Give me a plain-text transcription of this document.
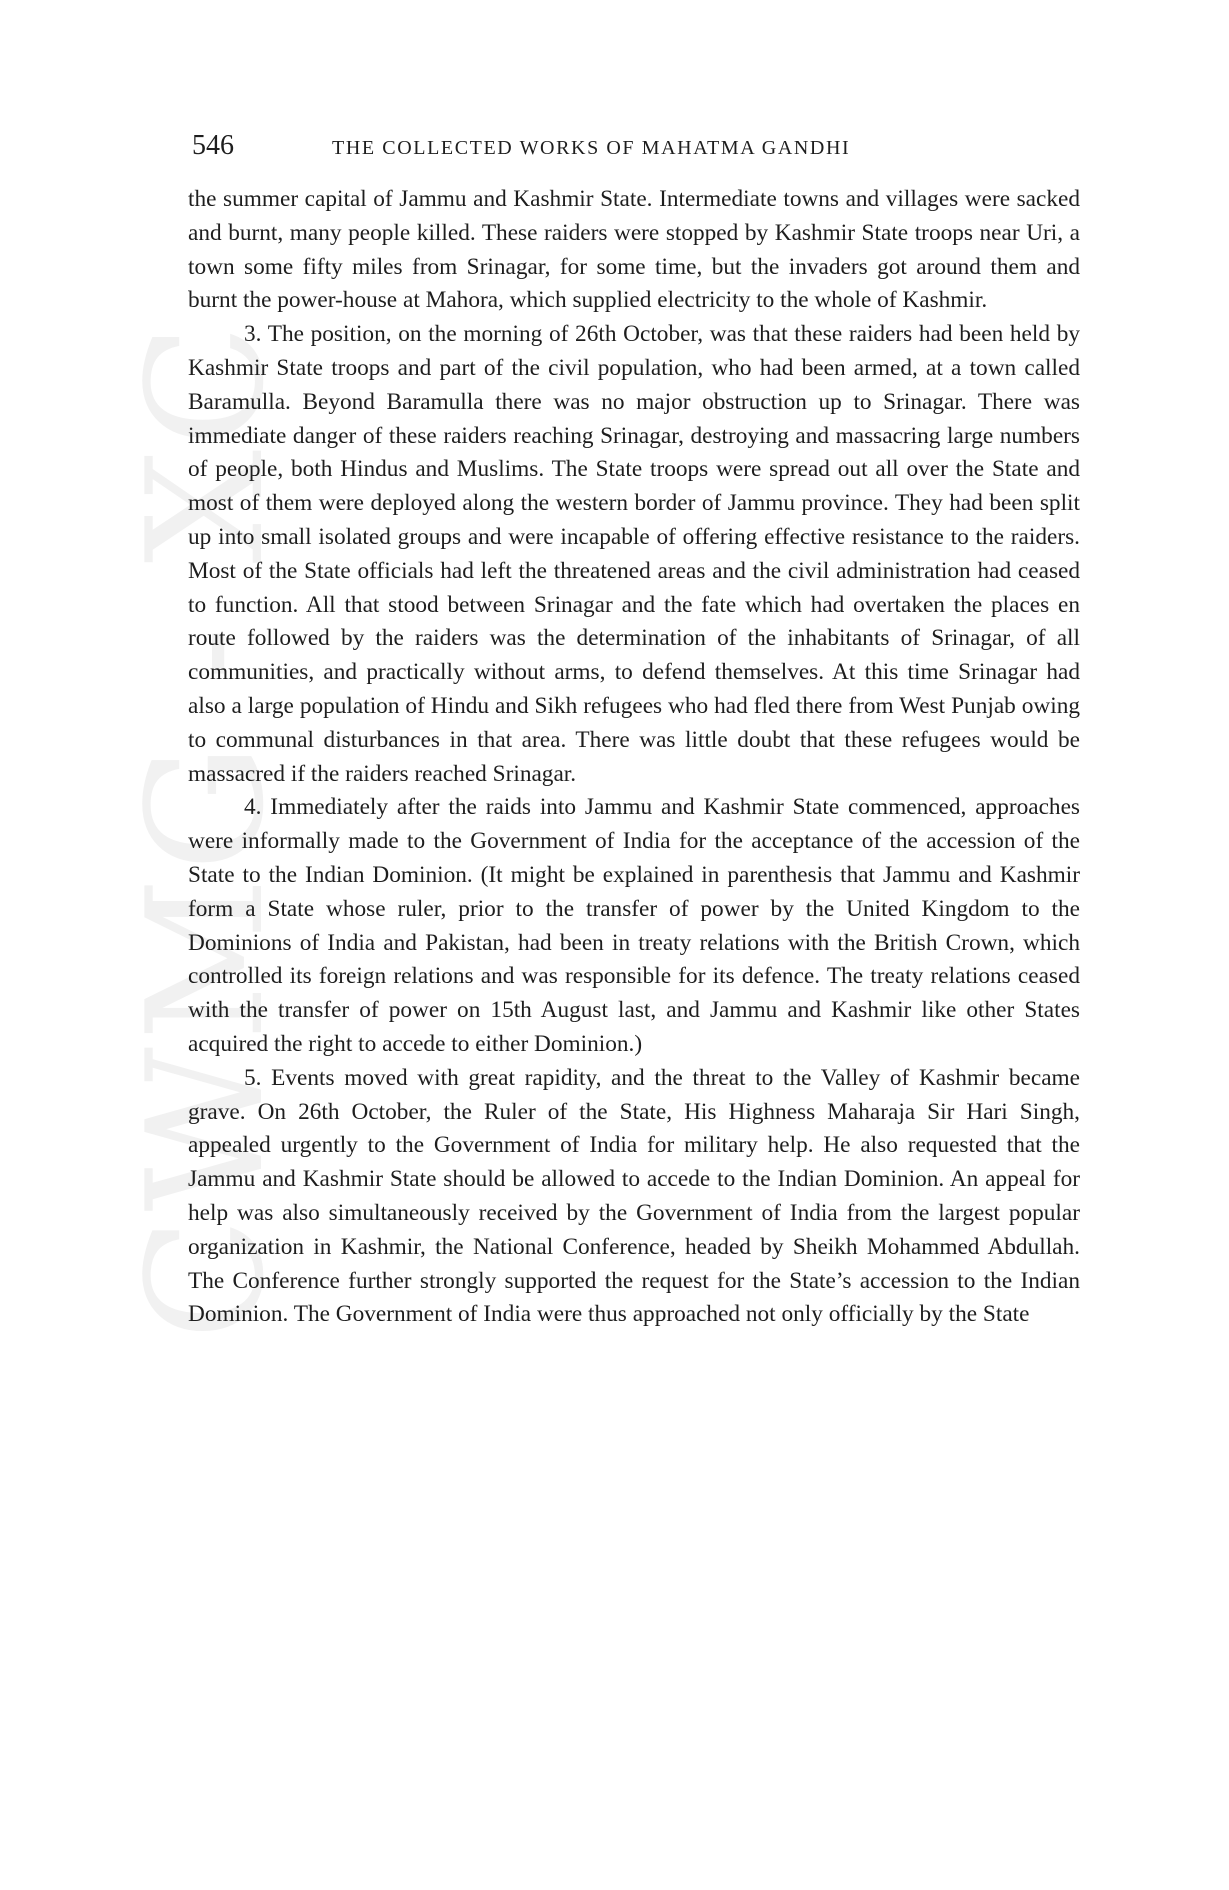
CWMG - XC
546	THE COLLECTED WORKS OF MAHATMA GANDHI

the summer capital of Jammu and Kashmir State. Intermediate towns and villages were sacked and burnt, many people killed. These raiders were stopped by Kashmir State troops near Uri, a town some fifty miles from Srinagar, for some time, but the invaders got around them and burnt the power-house at Mahora, which supplied electricity to the whole of Kashmir.

3. The position, on the morning of 26th October, was that these raiders had been held by Kashmir State troops and part of the civil population, who had been armed, at a town called Baramulla. Beyond Baramulla there was no major obstruction up to Srinagar. There was immediate danger of these raiders reaching Srinagar, destroying and massacring large numbers of people, both Hindus and Muslims. The State troops were spread out all over the State and most of them were deployed along the western border of Jammu province. They had been split up into small isolated groups and were incapable of offering effective resistance to the raiders. Most of the State officials had left the threatened areas and the civil administration had ceased to function. All that stood between Srinagar and the fate which had overtaken the places en route followed by the raiders was the determination of the inhabitants of Srinagar, of all communities, and practically without arms, to defend themselves. At this time Srinagar had also a large population of Hindu and Sikh refugees who had fled there from West Punjab owing to communal disturbances in that area. There was little doubt that these refugees would be massacred if the raiders reached Srinagar.

4. Immediately after the raids into Jammu and Kashmir State commenced, approaches were informally made to the Government of India for the acceptance of the accession of the State to the Indian Dominion. (It might be explained in parenthesis that Jammu and Kashmir form a State whose ruler, prior to the transfer of power by the United Kingdom to the Dominions of India and Pakistan, had been in treaty relations with the British Crown, which controlled its foreign relations and was responsible for its defence. The treaty relations ceased with the transfer of power on 15th August last, and Jammu and Kashmir like other States acquired the right to accede to either Dominion.)

5. Events moved with great rapidity, and the threat to the Valley of Kashmir became grave. On 26th October, the Ruler of the State, His Highness Maharaja Sir Hari Singh, appealed urgently to the Government of India for military help. He also requested that the Jammu and Kashmir State should be allowed to accede to the Indian Dominion. An appeal for help was also simultaneously received by the Government of India from the largest popular organization in Kashmir, the National Conference, headed by Sheikh Mohammed Abdullah. The Conference further strongly supported the request for the State’s accession to the Indian Dominion. The Government of India were thus approached not only officially by the State
